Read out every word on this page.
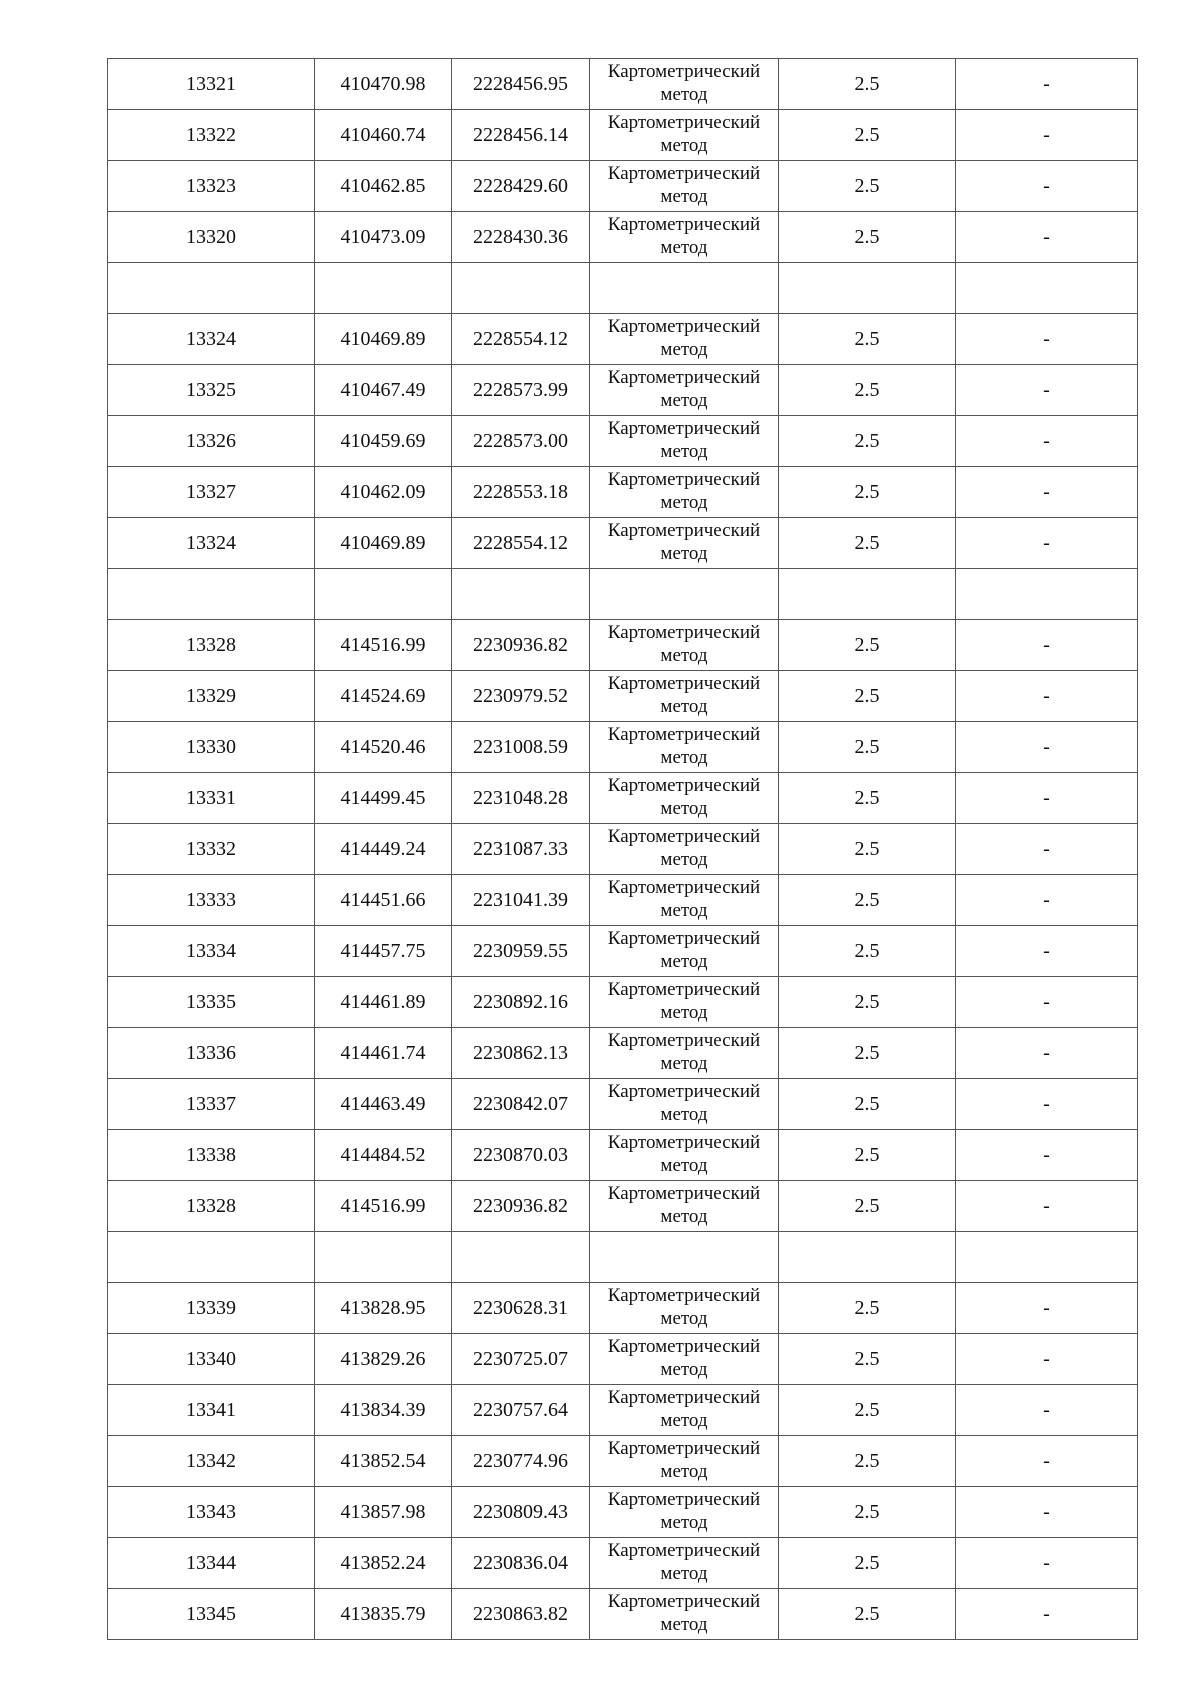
13321	410470.98	2228456.95	Картометрический метод	2.5	-
13322	410460.74	2228456.14	Картометрический метод	2.5	-
13323	410462.85	2228429.60	Картометрический метод	2.5	-
13320	410473.09	2228430.36	Картометрический метод	2.5	-

13324	410469.89	2228554.12	Картометрический метод	2.5	-
13325	410467.49	2228573.99	Картометрический метод	2.5	-
13326	410459.69	2228573.00	Картометрический метод	2.5	-
13327	410462.09	2228553.18	Картометрический метод	2.5	-
13324	410469.89	2228554.12	Картометрический метод	2.5	-

13328	414516.99	2230936.82	Картометрический метод	2.5	-
13329	414524.69	2230979.52	Картометрический метод	2.5	-
13330	414520.46	2231008.59	Картометрический метод	2.5	-
13331	414499.45	2231048.28	Картометрический метод	2.5	-
13332	414449.24	2231087.33	Картометрический метод	2.5	-
13333	414451.66	2231041.39	Картометрический метод	2.5	-
13334	414457.75	2230959.55	Картометрический метод	2.5	-
13335	414461.89	2230892.16	Картометрический метод	2.5	-
13336	414461.74	2230862.13	Картометрический метод	2.5	-
13337	414463.49	2230842.07	Картометрический метод	2.5	-
13338	414484.52	2230870.03	Картометрический метод	2.5	-
13328	414516.99	2230936.82	Картометрический метод	2.5	-

13339	413828.95	2230628.31	Картометрический метод	2.5	-
13340	413829.26	2230725.07	Картометрический метод	2.5	-
13341	413834.39	2230757.64	Картометрический метод	2.5	-
13342	413852.54	2230774.96	Картометрический метод	2.5	-
13343	413857.98	2230809.43	Картометрический метод	2.5	-
13344	413852.24	2230836.04	Картометрический метод	2.5	-
13345	413835.79	2230863.82	Картометрический метод	2.5	-
